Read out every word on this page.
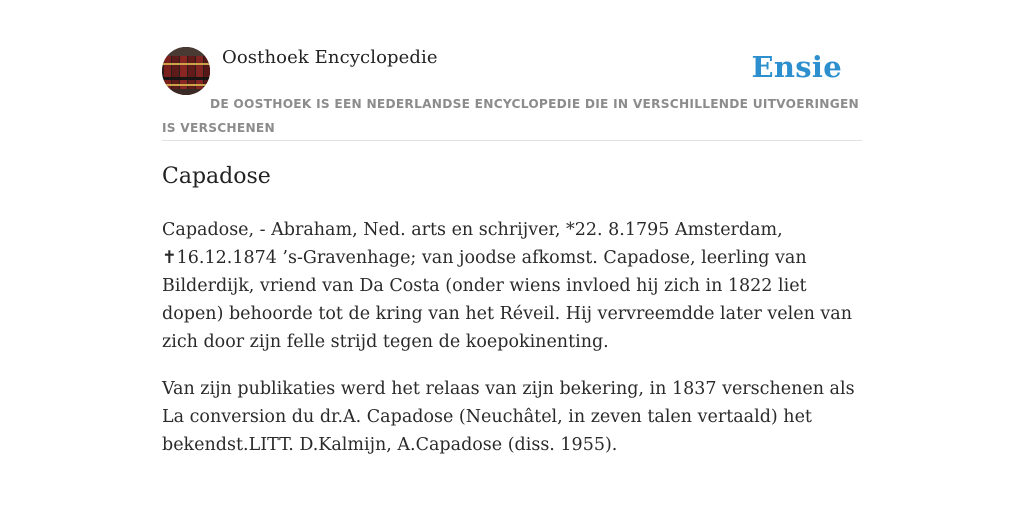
Oosthoek Encyclopedie	Ensie
DE OOSTHOEK IS EEN NEDERLANDSE ENCYCLOPEDIE DIE IN VERSCHILLENDE UITVOERINGEN IS VERSCHENEN
Capadose

Capadose, - Abraham, Ned. arts en schrijver, *22. 8.1795 Amsterdam, ✝16.12.1874 ’s-Gravenhage; van joodse afkomst. Capadose, leerling van Bilderdijk, vriend van Da Costa (onder wiens invloed hij zich in 1822 liet dopen) behoorde tot de kring van het Réveil. Hij vervreemdde later velen van zich door zijn felle strijd tegen de koepokinenting.

Van zijn publikaties werd het relaas van zijn bekering, in 1837 verschenen als La conversion du dr.A. Capadose (Neuchâtel, in zeven talen vertaald) het bekendst.LITT. D.Kalmijn, A.Capadose (diss. 1955).
